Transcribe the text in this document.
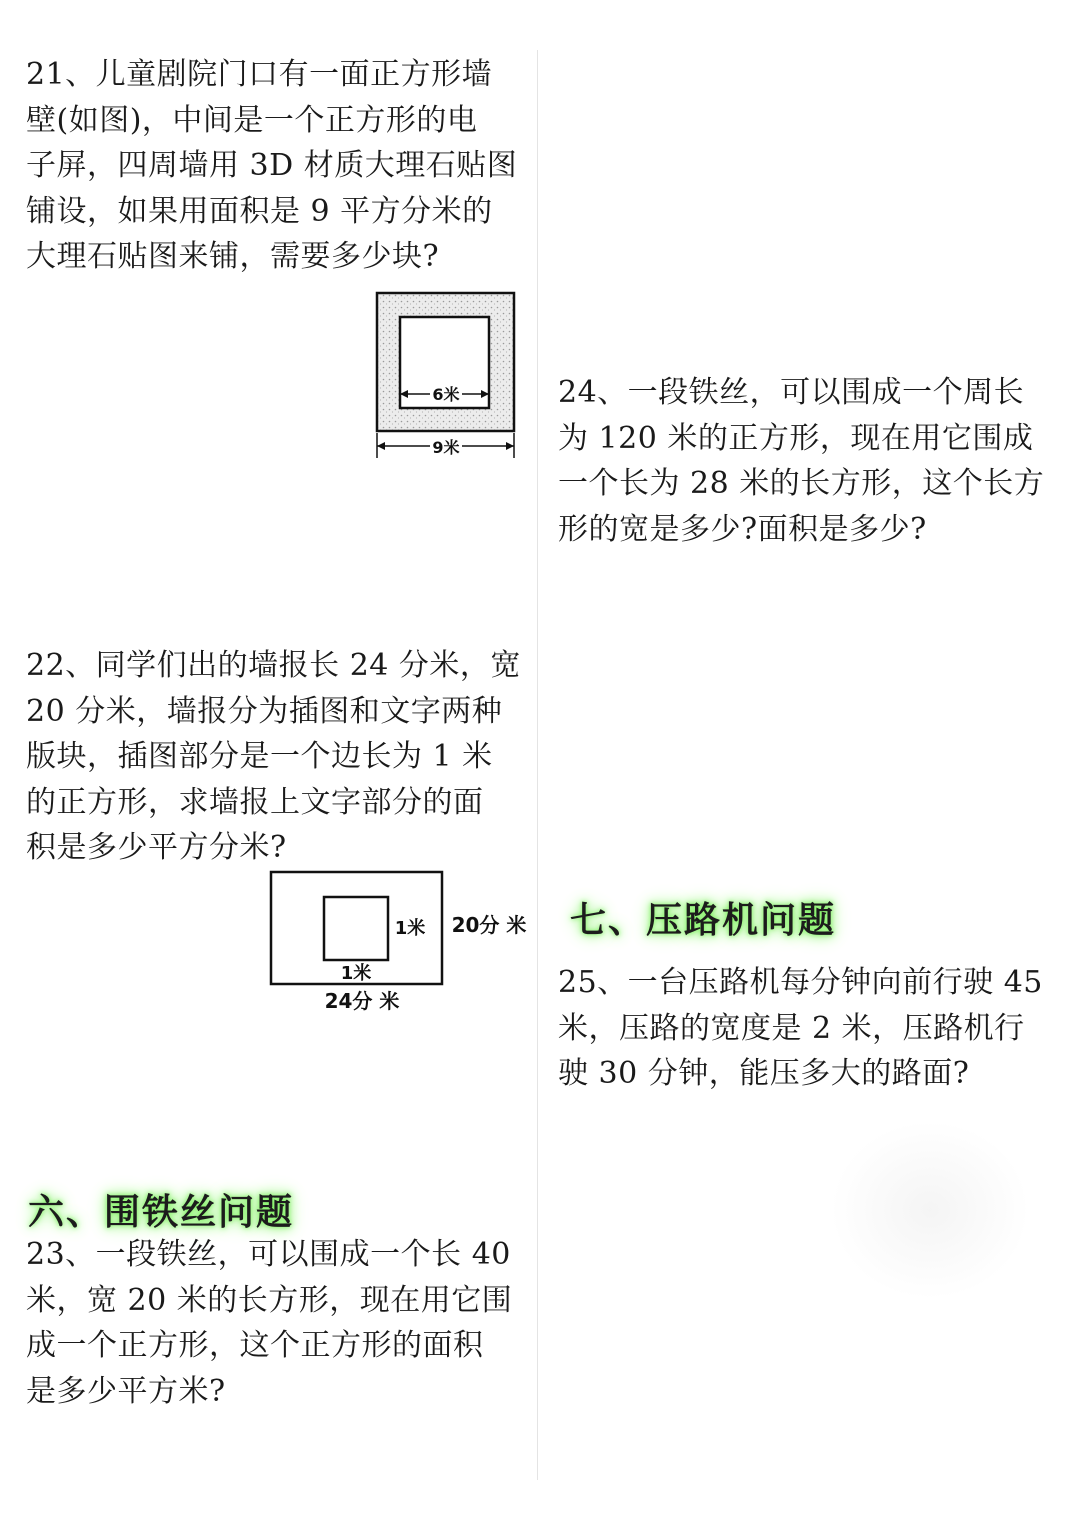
21、儿童剧院门口有一面正方形墙
壁(如图)，中间是一个正方形的电
子屏，四周墙用 3D 材质大理石贴图
铺设，如果用面积是 9 平方分米的
大理石贴图来铺，需要多少块?
6米
9米
24、一段铁丝，可以围成一个周长
为 120 米的正方形，现在用它围成
一个长为 28 米的长方形，这个长方
形的宽是多少?面积是多少?
22、同学们出的墙报长 24 分米，宽
20 分米，墙报分为插图和文字两种
版块，插图部分是一个边长为 1 米
的正方形，求墙报上文字部分的面
积是多少平方分米?
1米
1米
20分 米
24分 米
七、压路机问题
25、一台压路机每分钟向前行驶 45
米，压路的宽度是 2 米，压路机行
驶 30 分钟，能压多大的路面?
六、围铁丝问题
23、一段铁丝，可以围成一个长 40
米，宽 20 米的长方形，现在用它围
成一个正方形，这个正方形的面积
是多少平方米?
